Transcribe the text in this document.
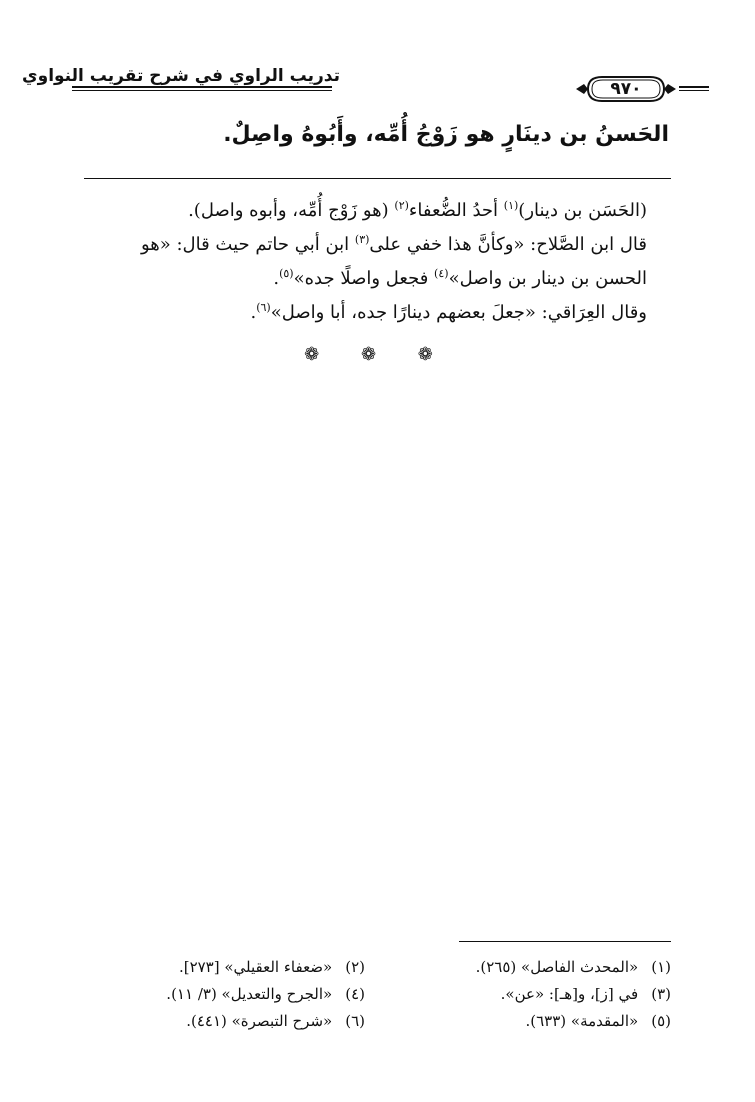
تدريب الراوي في شرح تقريب النواوي
٩٧٠
الحَسنُ بن دينَارٍ هو زَوْجُ أُمِّه، وأَبُوهُ واصِلٌ.

(الحَسَن بن دينار)$^{(١)}$ أحدُ الضُّعفاء$^{(٢)}$ (هو زَوْج أُمِّه، وأبوه واصل).

قال ابن الصَّلاح: «وكأنَّ هذا خفي على$^{(٣)}$ ابن أبي حاتم حيث قال: «هو الحسن بن دينار بن واصل»$^{(٤)}$ فجعل واصلًا جده»$^{(٥)}$.

وقال العِرَاقي: «جعلَ بعضهم دينارًا جده، أبا واصل»$^{(٦)}$.

❁ ❁ ❁
(١) «المحدث الفاصل» (٢٦٥).
(٣) في [ز]، و[هـ]: «عن».
(٥) «المقدمة» (٦٣٣).
(٢) «ضعفاء العقيلي» [٢٧٣].
(٤) «الجرح والتعديل» (٣/ ١١).
(٦) «شرح التبصرة» (٤٤١).
